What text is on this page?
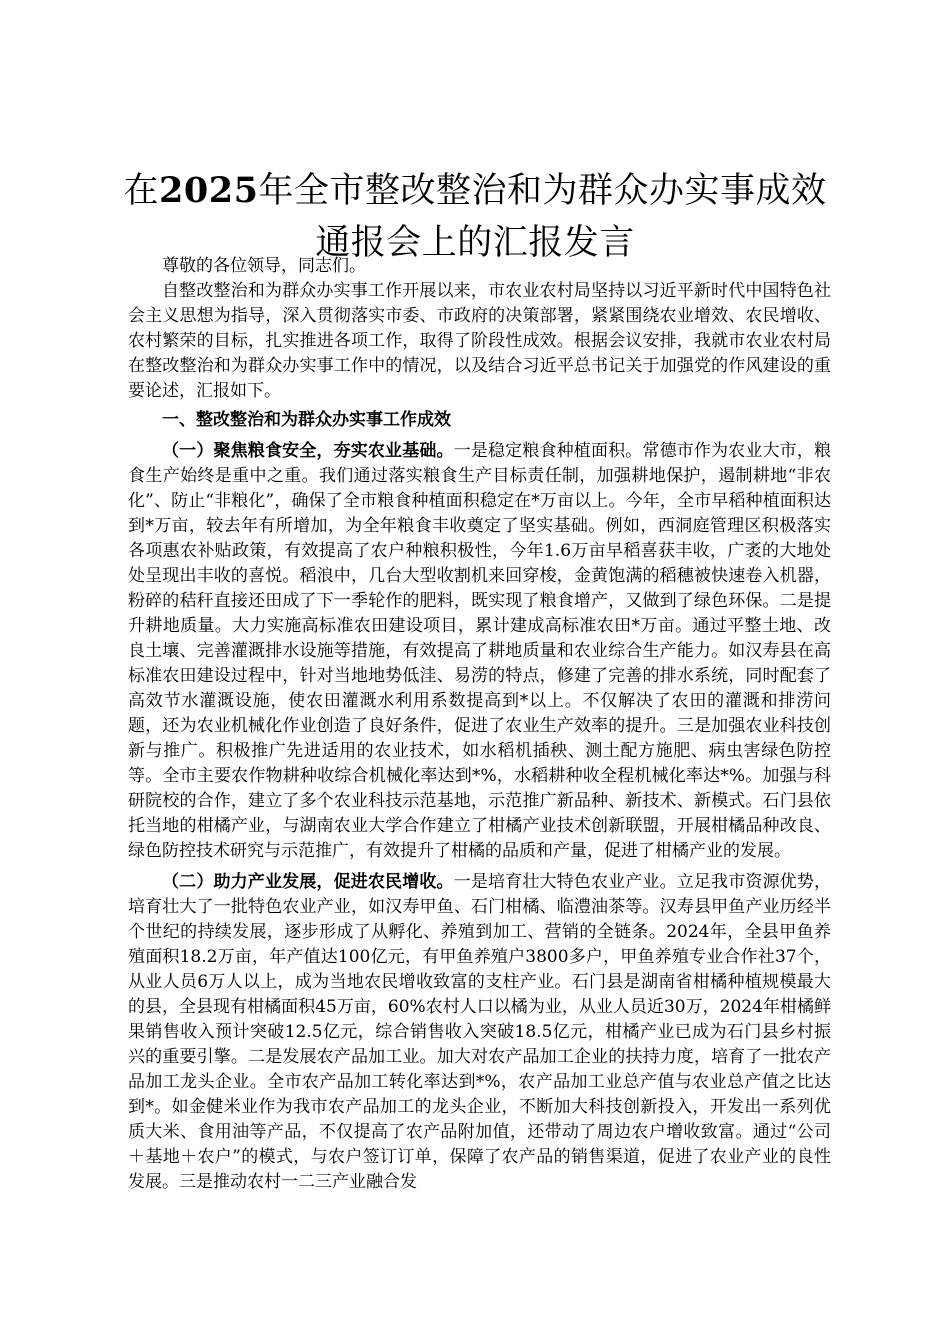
在2025年全市整改整治和为群众办实事成效
通报会上的汇报发言

尊敬的各位领导，同志们。

自整改整治和为群众办实事工作开展以来，市农业农村局坚持以习近平新时代中国特色社会主义思想为指导，深入贯彻落实市委、市政府的决策部署，紧紧围绕农业增效、农民增收、农村繁荣的目标，扎实推进各项工作，取得了阶段性成效。根据会议安排，我就市农业农村局在整改整治和为群众办实事工作中的情况，以及结合习近平总书记关于加强党的作风建设的重要论述，汇报如下。

一、整改整治和为群众办实事工作成效

（一）聚焦粮食安全，夯实农业基础。一是稳定粮食种植面积。常德市作为农业大市，粮食生产始终是重中之重。我们通过落实粮食生产目标责任制，加强耕地保护，遏制耕地“非农化”、防止“非粮化”，确保了全市粮食种植面积稳定在*万亩以上。今年，全市早稻种植面积达到*万亩，较去年有所增加，为全年粮食丰收奠定了坚实基础。例如，西洞庭管理区积极落实各项惠农补贴政策，有效提高了农户种粮积极性，今年1.6万亩早稻喜获丰收，广袤的大地处处呈现出丰收的喜悦。稻浪中，几台大型收割机来回穿梭，金黄饱满的稻穗被快速卷入机器，粉碎的秸秆直接还田成了下一季轮作的肥料，既实现了粮食增产，又做到了绿色环保。二是提升耕地质量。大力实施高标准农田建设项目，累计建成高标准农田*万亩。通过平整土地、改良土壤、完善灌溉排水设施等措施，有效提高了耕地质量和农业综合生产能力。如汉寿县在高标准农田建设过程中，针对当地地势低洼、易涝的特点，修建了完善的排水系统，同时配套了高效节水灌溉设施，使农田灌溉水利用系数提高到*以上。不仅解决了农田的灌溉和排涝问题，还为农业机械化作业创造了良好条件，促进了农业生产效率的提升。三是加强农业科技创新与推广。积极推广先进适用的农业技术，如水稻机插秧、测土配方施肥、病虫害绿色防控等。全市主要农作物耕种收综合机械化率达到*%，水稻耕种收全程机械化率达*%。加强与科研院校的合作，建立了多个农业科技示范基地，示范推广新品种、新技术、新模式。石门县依托当地的柑橘产业，与湖南农业大学合作建立了柑橘产业技术创新联盟，开展柑橘品种改良、绿色防控技术研究与示范推广，有效提升了柑橘的品质和产量，促进了柑橘产业的发展。

（二）助力产业发展，促进农民增收。一是培育壮大特色农业产业。立足我市资源优势，培育壮大了一批特色农业产业，如汉寿甲鱼、石门柑橘、临澧油茶等。汉寿县甲鱼产业历经半个世纪的持续发展，逐步形成了从孵化、养殖到加工、营销的全链条。2024年，全县甲鱼养殖面积18.2万亩，年产值达100亿元，有甲鱼养殖户3800多户，甲鱼养殖专业合作社37个，从业人员6万人以上，成为当地农民增收致富的支柱产业。石门县是湖南省柑橘种植规模最大的县，全县现有柑橘面积45万亩，60%农村人口以橘为业，从业人员近30万，2024年柑橘鲜果销售收入预计突破12.5亿元，综合销售收入突破18.5亿元，柑橘产业已成为石门县乡村振兴的重要引擎。二是发展农产品加工业。加大对农产品加工企业的扶持力度，培育了一批农产品加工龙头企业。全市农产品加工转化率达到*%，农产品加工业总产值与农业总产值之比达到*。如金健米业作为我市农产品加工的龙头企业，不断加大科技创新投入，开发出一系列优质大米、食用油等产品，不仅提高了农产品附加值，还带动了周边农户增收致富。通过“公司＋基地＋农户”的模式，与农户签订订单，保障了农产品的销售渠道，促进了农业产业的良性发展。三是推动农村一二三产业融合发
